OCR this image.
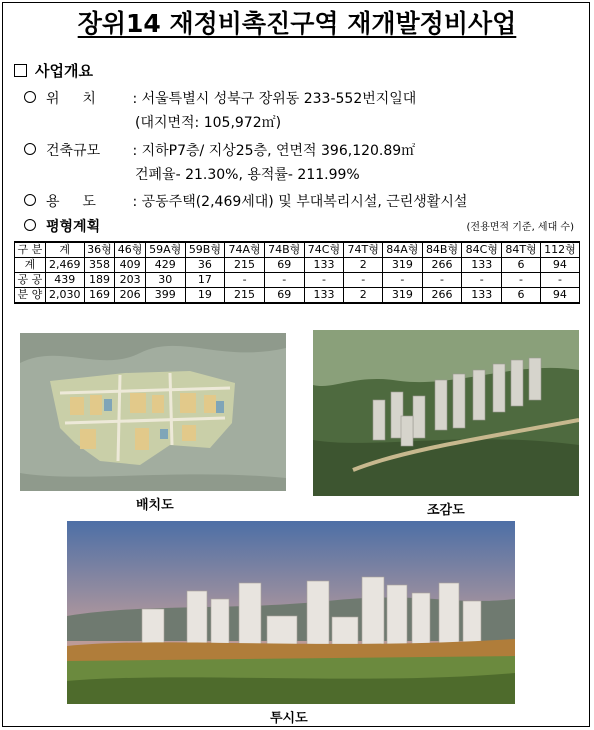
장위14 재정비촉진구역 재개발정비사업
사업개요
위    치 : 서울특별시 성북구 장위동 233-552번지일대
(대지면적: 105,972㎡)
건축규모 : 지하P7층/ 지상25층, 연면적 396,120.89㎡
건폐율- 21.30%, 용적률- 211.99%
용    도 : 공동주택(2,469세대) 및 부대복리시설, 근린생활시설
평형계획	(전용면적 기준, 세대 수)
구 분	계	36형	46형	59A형	59B형	74A형	74B형	74C형	74T형	84A형	84B형	84C형	84T형	112형
계	2,469	358	409	429	36	215	69	133	2	319	266	133	6	94
공 공	439	189	203	30	17	-	-	-	-	-	-	-	-	-
분 양	2,030	169	206	399	19	215	69	133	2	319	266	133	6	94
배치도	조감도
투시도
